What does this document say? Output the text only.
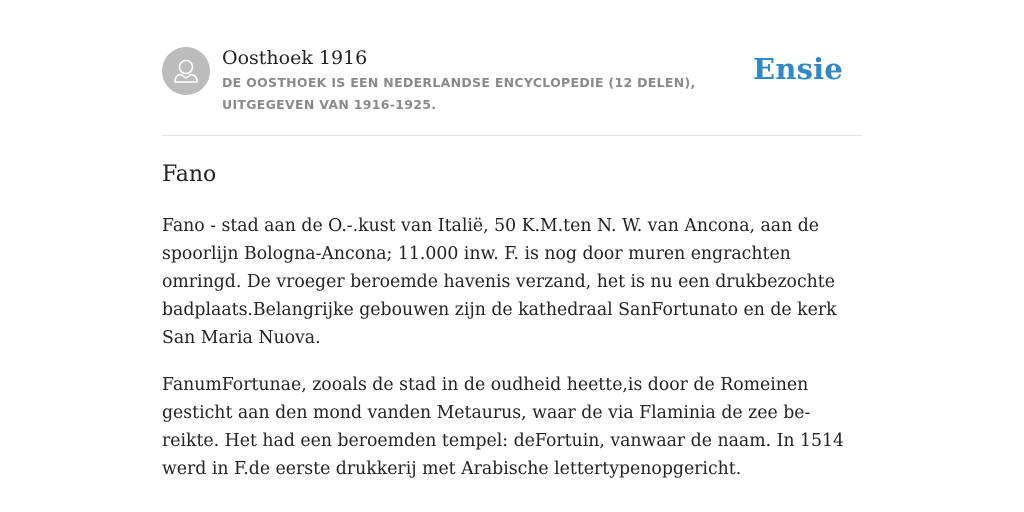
Oosthoek 1916
DE OOSTHOEK IS EEN NEDERLANDSE ENCYCLOPEDIE (12 DELEN), UITGEGEVEN VAN 1916-1925.
Ensie
Fano

Fano - stad aan de O.-.kust van Italië, 50 K.M.ten N. W. van Ancona, aan de spoorlijn Bologna-Ancona; 11.000 inw. F. is nog door muren engrachten omringd. De vroeger beroemde havenis verzand, het is nu een drukbezochte badplaats.Belangrijke gebouwen zijn de kathedraal SanFortunato en de kerk San Maria Nuova.

FanumFortunae, zooals de stad in de oudheid heette,is door de Romeinen gesticht aan den mond vanden Metaurus, waar de via Flaminia de zee be-reikte. Het had een beroemden tempel: deFortuin, vanwaar de naam. In 1514 werd in F.de eerste drukkerij met Arabische lettertypenopgericht.
